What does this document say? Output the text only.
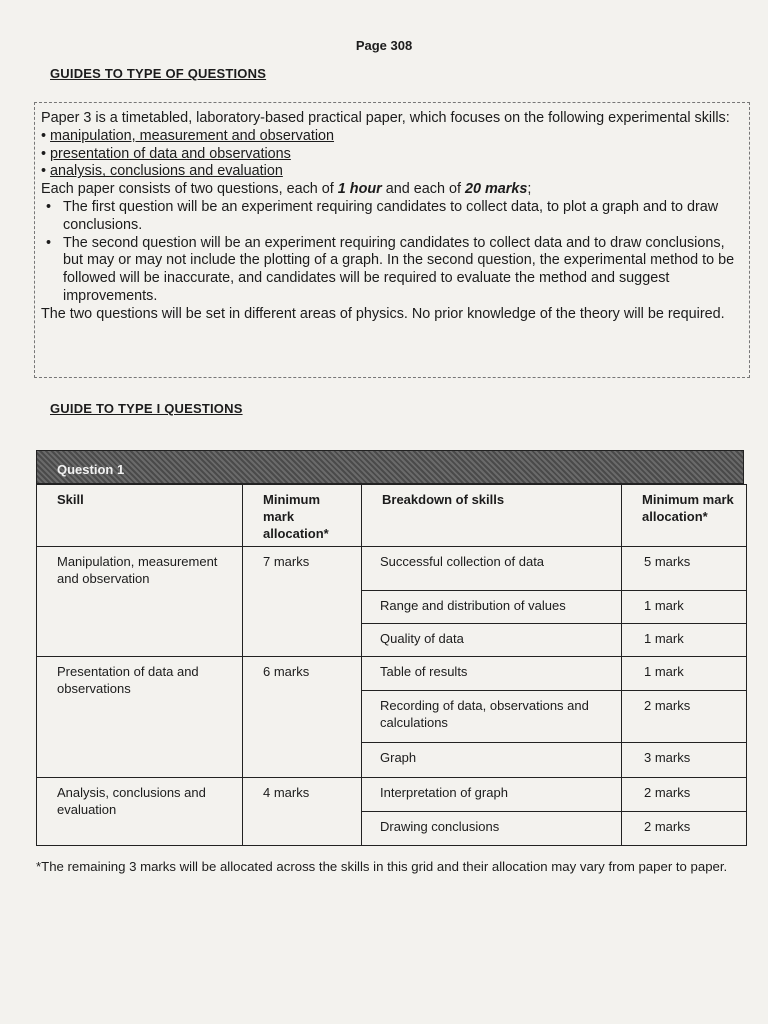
Page 308
GUIDES TO TYPE OF QUESTIONS

Paper 3 is a timetabled, laboratory-based practical paper, which focuses on the following experimental skills:

• manipulation, measurement and observation

• presentation of data and observations

• analysis, conclusions and evaluation

Each paper consists of two questions, each of 1 hour and each of 20 marks;

• The first question will be an experiment requiring candidates to collect data, to plot a graph and to draw conclusions.
• The second question will be an experiment requiring candidates to collect data and to draw conclusions, but may or may not include the plotting of a graph. In the second question, the experimental method to be followed will be inaccurate, and candidates will be required to evaluate the method and suggest improvements.

The two questions will be set in different areas of physics. No prior knowledge of the theory will be required.

GUIDE TO TYPE I QUESTIONS
Question 1
Skill	Minimum mark allocation*	Breakdown of skills	Minimum mark allocation*
Manipulation, measurement and observation	7 marks	Successful collection of data	5 marks
		Range and distribution of values	1 mark
		Quality of data	1 mark
Presentation of data and observations	6 marks	Table of results	1 mark
		Recording of data, observations and calculations	2 marks
		Graph	3 marks
Analysis, conclusions and evaluation	4 marks	Interpretation of graph	2 marks
		Drawing conclusions	2 marks
*The remaining 3 marks will be allocated across the skills in this grid and their allocation may vary from paper to paper.
